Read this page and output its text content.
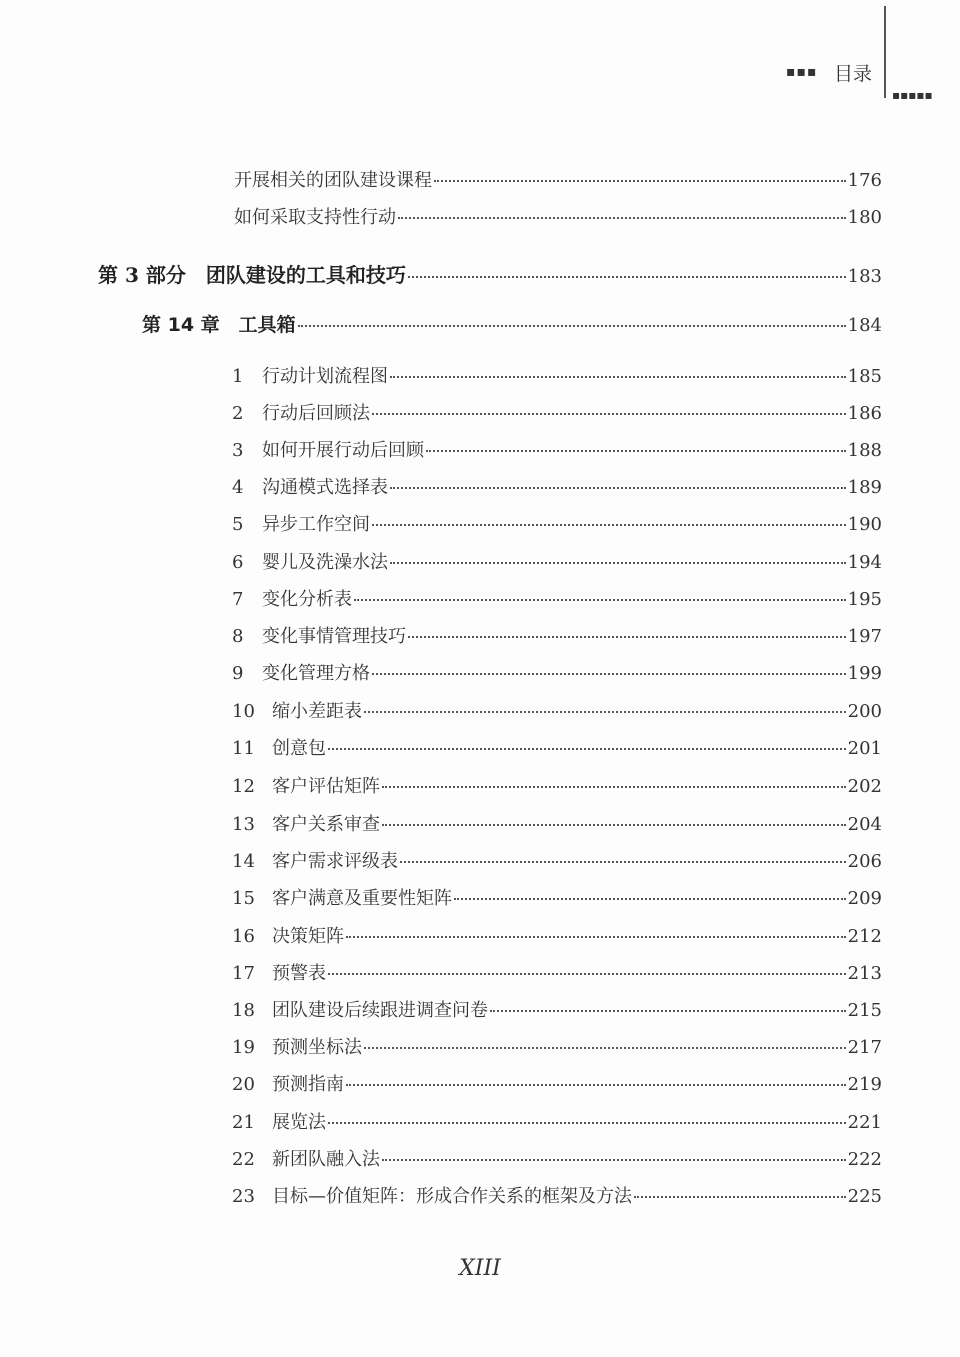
▪▪▪ 目录
▪▪▪▪▪
开展相关的团队建设课程	176
如何采取支持性行动	180
第 3 部分　团队建设的工具和技巧	183
第 14 章　工具箱	184
1	行动计划流程图	185
2	行动后回顾法	186
3	如何开展行动后回顾	188
4	沟通模式选择表	189
5	异步工作空间	190
6	婴儿及洗澡水法	194
7	变化分析表	195
8	变化事情管理技巧	197
9	变化管理方格	199
10 缩小差距表	200
11 创意包	201
12 客户评估矩阵	202
13 客户关系审查	204
14 客户需求评级表	206
15 客户满意及重要性矩阵	209
16 决策矩阵	212
17 预警表	213
18 团队建设后续跟进调查问卷	215
19 预测坐标法	217
20 预测指南	219
21 展览法	221
22 新团队融入法	222
23 目标—价值矩阵：形成合作关系的框架及方法	225
XIII
